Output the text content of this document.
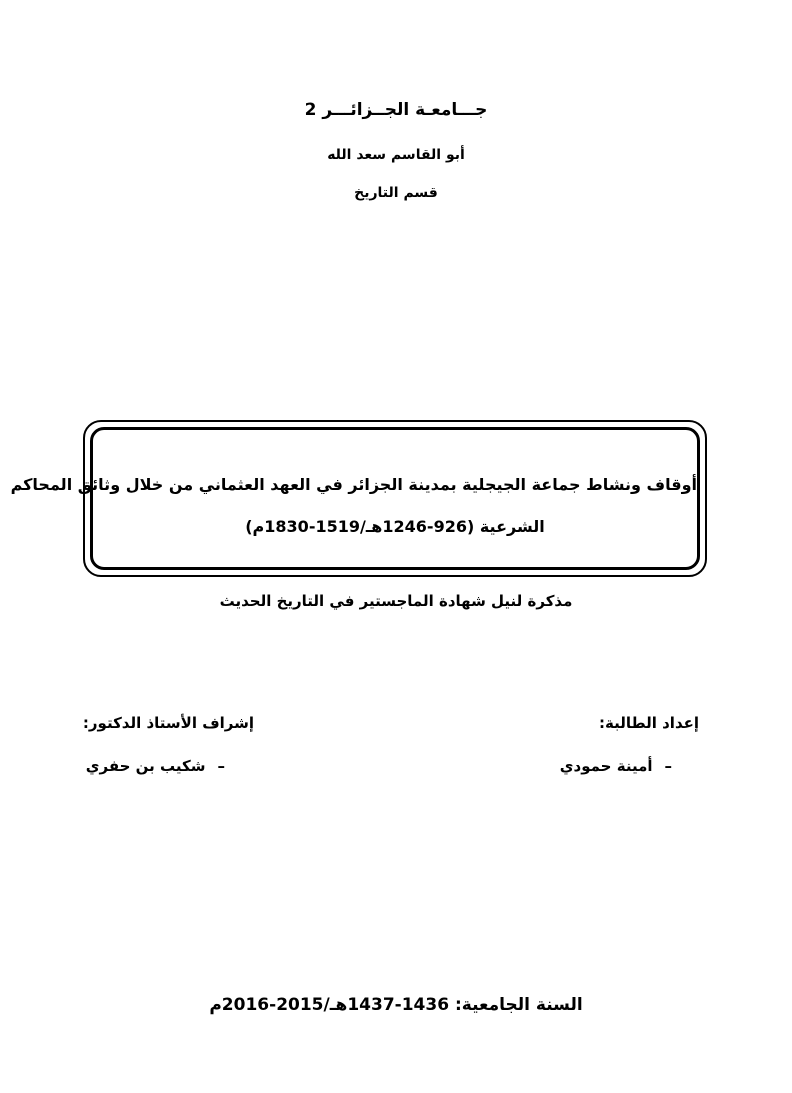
جـــامعـة الجــزائـــر 2
أبو القاسم سعد الله
قسم التاريخ
أوقاف ونشاط جماعة الجيجلية بمدينة الجزائر في العهد العثماني من خلال وثائق المحاكم
الشرعية (926-1246هـ/1519-1830م)
مذكرة لنيل شهادة الماجستير في التاريخ الحديث
إعداد الطالبة:
–أمينة حمودي
إشراف الأستاذ الدكتور:
–شكيب بن حفري
السنة الجامعية: 1436-1437هـ/2015-2016م
